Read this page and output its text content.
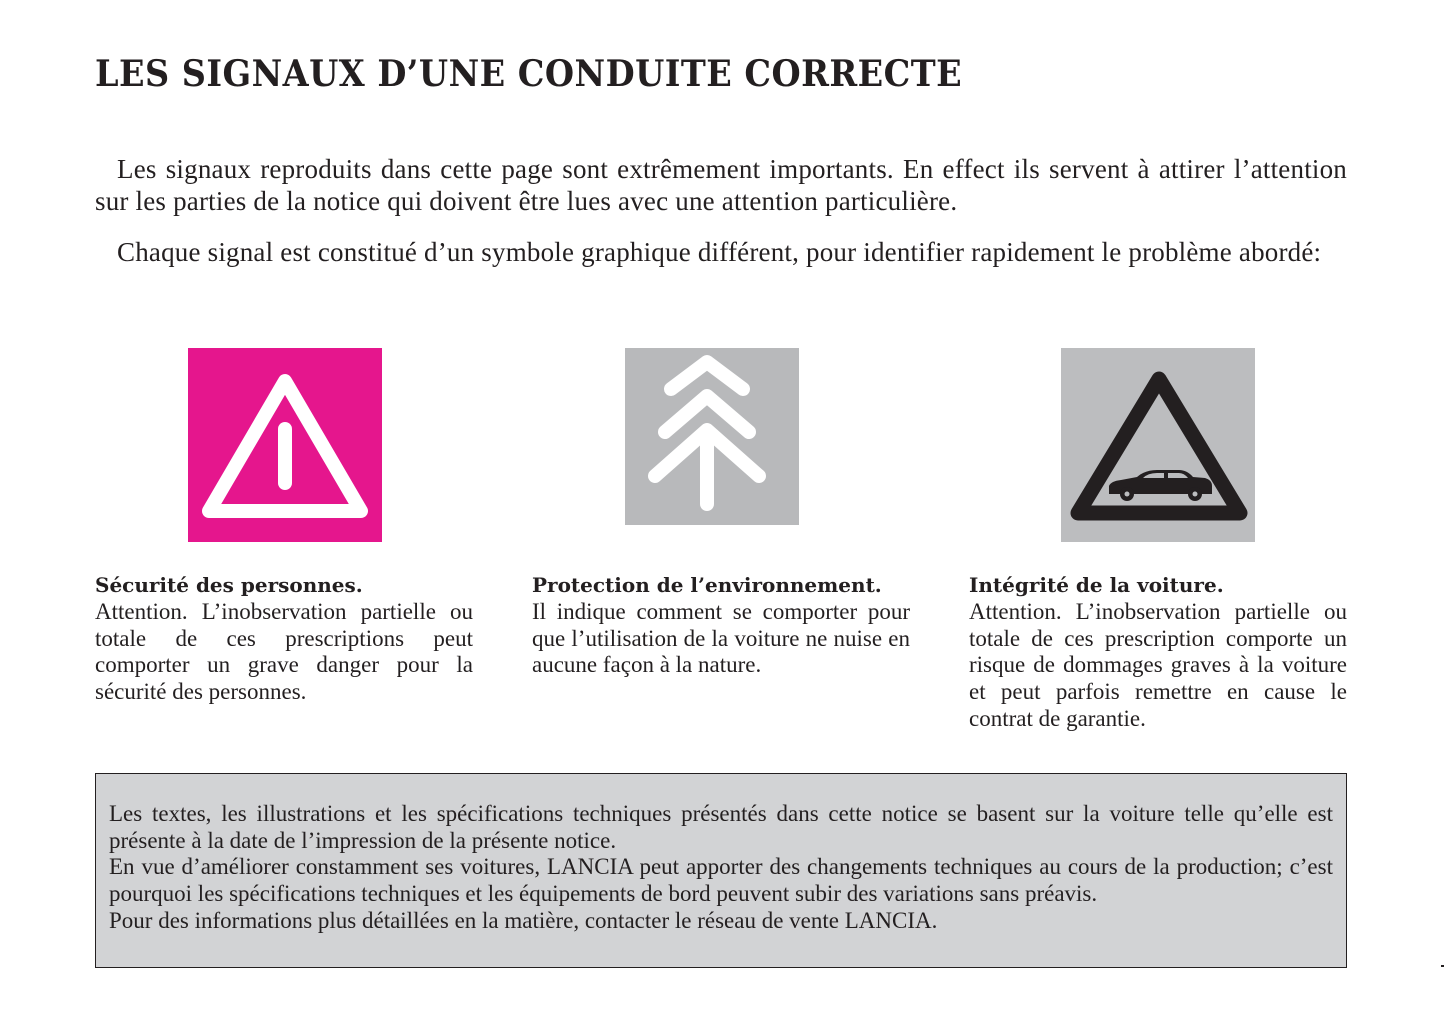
LES SIGNAUX D’UNE CONDUITE CORRECTE

Les signaux reproduits dans cette page sont extrêmement importants. En effect ils servent à attirer l’attention sur les parties de la notice qui doivent être lues avec une attention particulière.

Chaque signal est constitué d’un symbole graphique différent, pour identifier rapidement le problème abordé:

Sécurité des personnes.

Attention. L’inobservation partielle ou totale de ces prescriptions peut comporter un grave danger pour la sécurité des personnes.

Protection de l’environnement.

Il indique comment se comporter pour que l’utilisation de la voiture ne nuise en aucune façon à la nature.

Intégrité de la voiture.

Attention. L’inobservation partielle ou totale de ces prescription comporte un risque de dommages graves à la voiture et peut parfois remettre en cause le contrat de garantie.

Les textes, les illustrations et les spécifications techniques présentés dans cette notice se basent sur la voiture telle qu’elle est présente à la date de l’impression de la présente notice.

En vue d’améliorer constamment ses voitures, LANCIA peut apporter des changements techniques au cours de la production; c’est pourquoi les spécifications techniques et les équipements de bord peuvent subir des variations sans préavis.

Pour des informations plus détaillées en la matière, contacter le réseau de vente LANCIA.
